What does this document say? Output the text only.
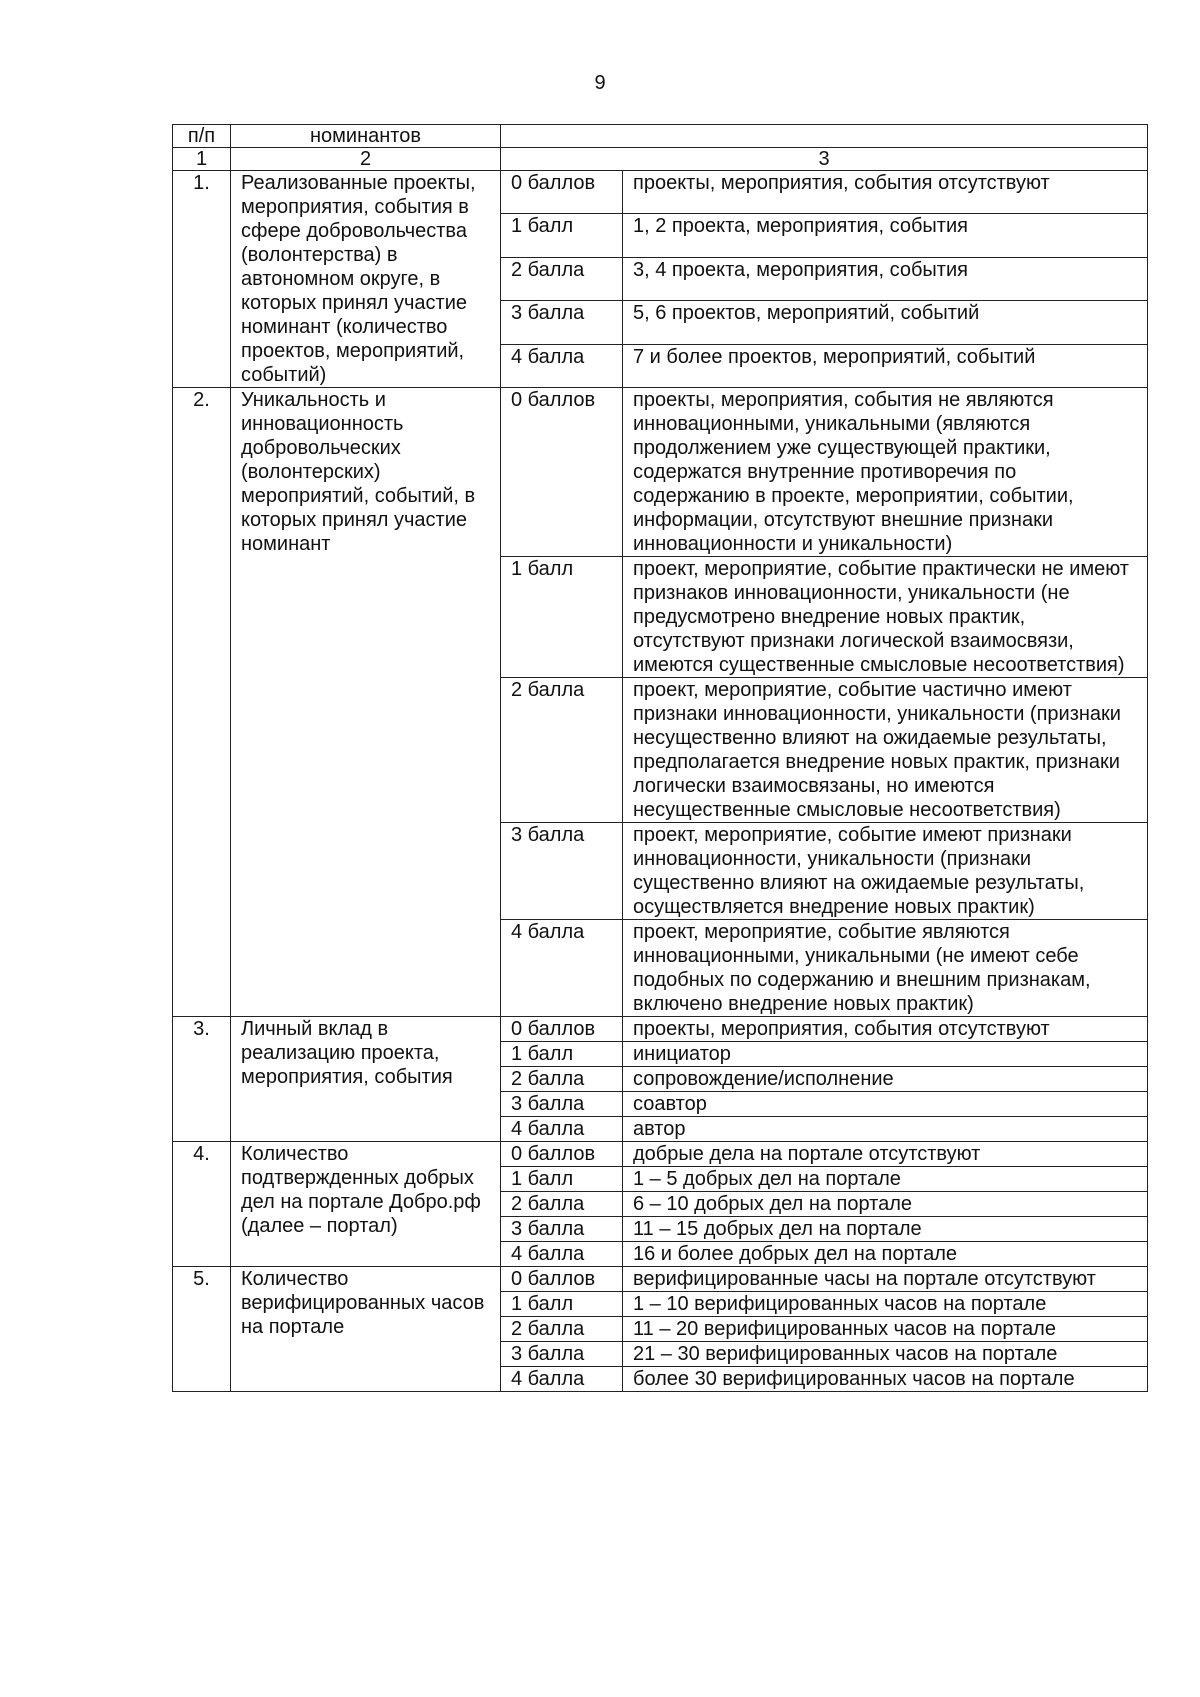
9
п/п	номинантов		
1	2	3	
1.	Реализованные проекты, мероприятия, события в сфере добровольчества (волонтерства) в автономном округе, в которых принял участие номинант (количество проектов, мероприятий, событий)	0 баллов	проекты, мероприятия, события отсутствуют
		1 балл	1, 2 проекта, мероприятия, события
		2 балла	3, 4 проекта, мероприятия, события
		3 балла	5, 6 проектов, мероприятий, событий
		4 балла	7 и более проектов, мероприятий, событий
2.	Уникальность и инновационность добровольческих (волонтерских) мероприятий, событий, в которых принял участие номинант	0 баллов	проекты, мероприятия, события не являются инновационными, уникальными (являются продолжением уже существующей практики, содержатся внутренние противоречия по содержанию в проекте, мероприятии, событии, информации, отсутствуют внешние признаки инновационности и уникальности)
		1 балл	проект, мероприятие, событие практически не имеют признаков инновационности, уникальности (не предусмотрено внедрение новых практик, отсутствуют признаки логической взаимосвязи, имеются существенные смысловые несоответствия)
		2 балла	проект, мероприятие, событие частично имеют признаки инновационности, уникальности (признаки несущественно влияют на ожидаемые результаты, предполагается внедрение новых практик, признаки логически взаимосвязаны, но имеются несущественные смысловые несоответствия)
		3 балла	проект, мероприятие, событие имеют признаки инновационности, уникальности (признаки существенно влияют на ожидаемые результаты, осуществляется внедрение новых практик)
		4 балла	проект, мероприятие, событие являются инновационными, уникальными (не имеют себе подобных по содержанию и внешним признакам, включено внедрение новых практик)
3.	Личный вклад в реализацию проекта, мероприятия, события	0 баллов	проекты, мероприятия, события отсутствуют
		1 балл	инициатор
		2 балла	сопровождение/исполнение
		3 балла	соавтор
		4 балла	автор
4.	Количество подтвержденных добрых дел на портале Добро.рф (далее – портал)	0 баллов	добрые дела на портале отсутствуют
		1 балл	1 – 5 добрых дел на портале
		2 балла	6 – 10 добрых дел на портале
		3 балла	11 – 15 добрых дел на портале
		4 балла	16 и более добрых дел на портале
5.	Количество верифицированных часов на портале	0 баллов	верифицированные часы на портале отсутствуют
		1 балл	1 – 10 верифицированных часов на портале
		2 балла	11 – 20 верифицированных часов на портале
		3 балла	21 – 30 верифицированных часов на портале
		4 балла	более 30 верифицированных часов на портале
